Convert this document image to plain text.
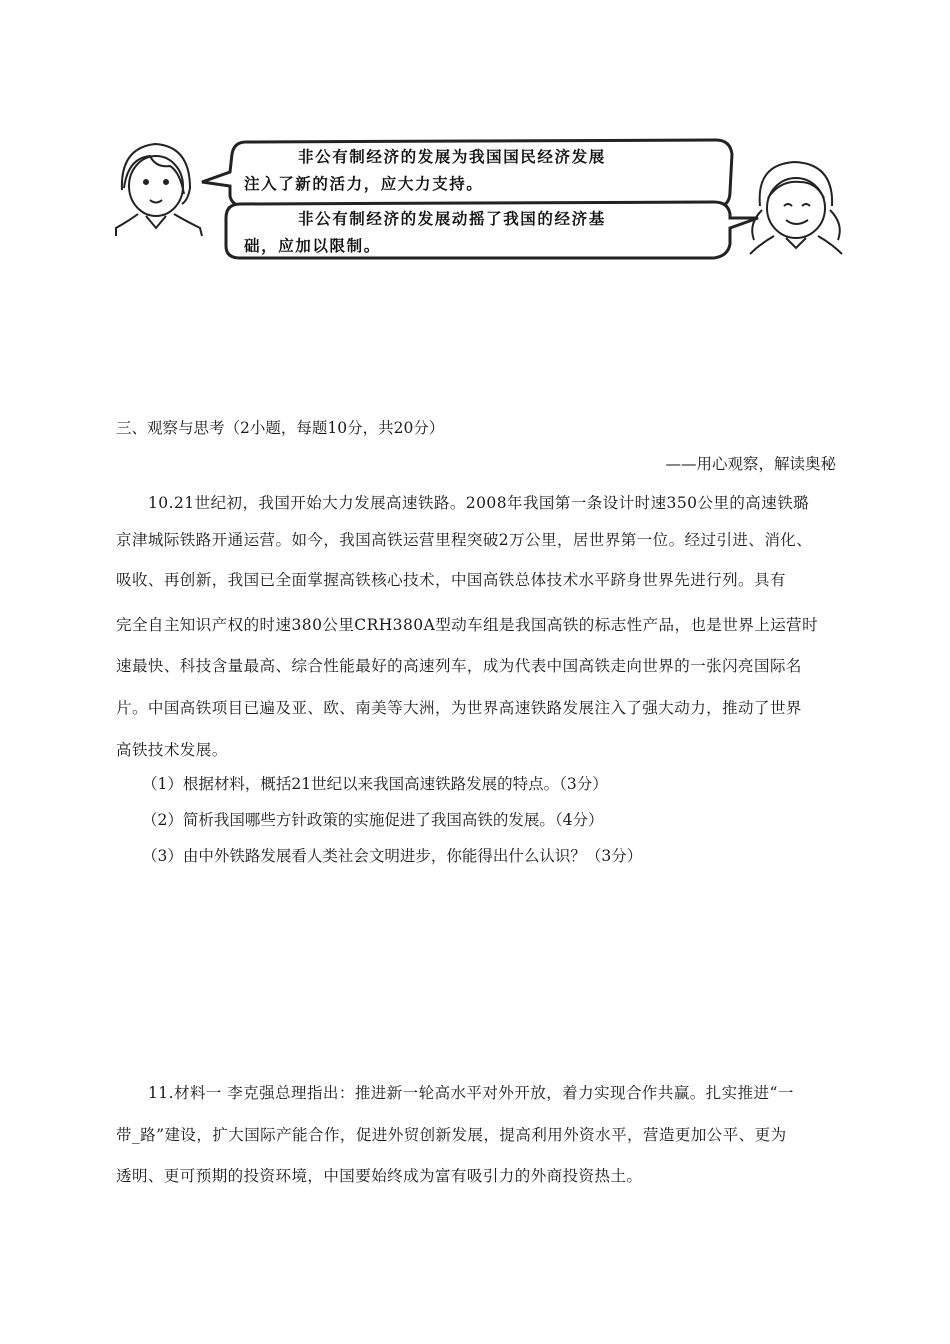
非公有制经济的发展为我国国民经济发展
注入了新的活力，应大力支持。
非公有制经济的发展动摇了我国的经济基
础，应加以限制。
三、观察与思考（2小题，每题10分，共20分）
——用心观察，解读奥秘
10.21世纪初，我国开始大力发展高速铁路。2008年我国第一条设计时速350公里的高速铁璐
京津城际铁路开通运营。如今，我国高铁运营里程突破2万公里，居世界第一位。经过引进、消化、
吸收、再创新，我国已全面掌握高铁核心技术，中国高铁总体技术水平跻身世界先进行列。具有
完全自主知识产权的时速380公里CRH380A型动车组是我国高铁的标志性产品，也是世界上运营时
速最快、科技含量最高、综合性能最好的高速列车，成为代表中国高铁走向世界的一张闪亮国际名
片。中国高铁项目已遍及亚、欧、南美等大洲，为世界高速铁路发展注入了强大动力，推动了世界
高铁技术发展。
（1）根据材料，概括21世纪以来我国高速铁路发展的特点。（3分）
（2）简析我国哪些方针政策的实施促进了我国高铁的发展。（4分）
（3）由中外铁路发展看人类社会文明进步，你能得出什么认识？（3分）
11.材料一 李克强总理指出：推进新一轮高水平对外开放，着力实现合作共赢。扎实推进“一
带_路”建设，扩大国际产能合作，促进外贸创新发展，提高利用外资水平，营造更加公平、更为
透明、更可预期的投资环境，中国要始终成为富有吸引力的外商投资热土。
